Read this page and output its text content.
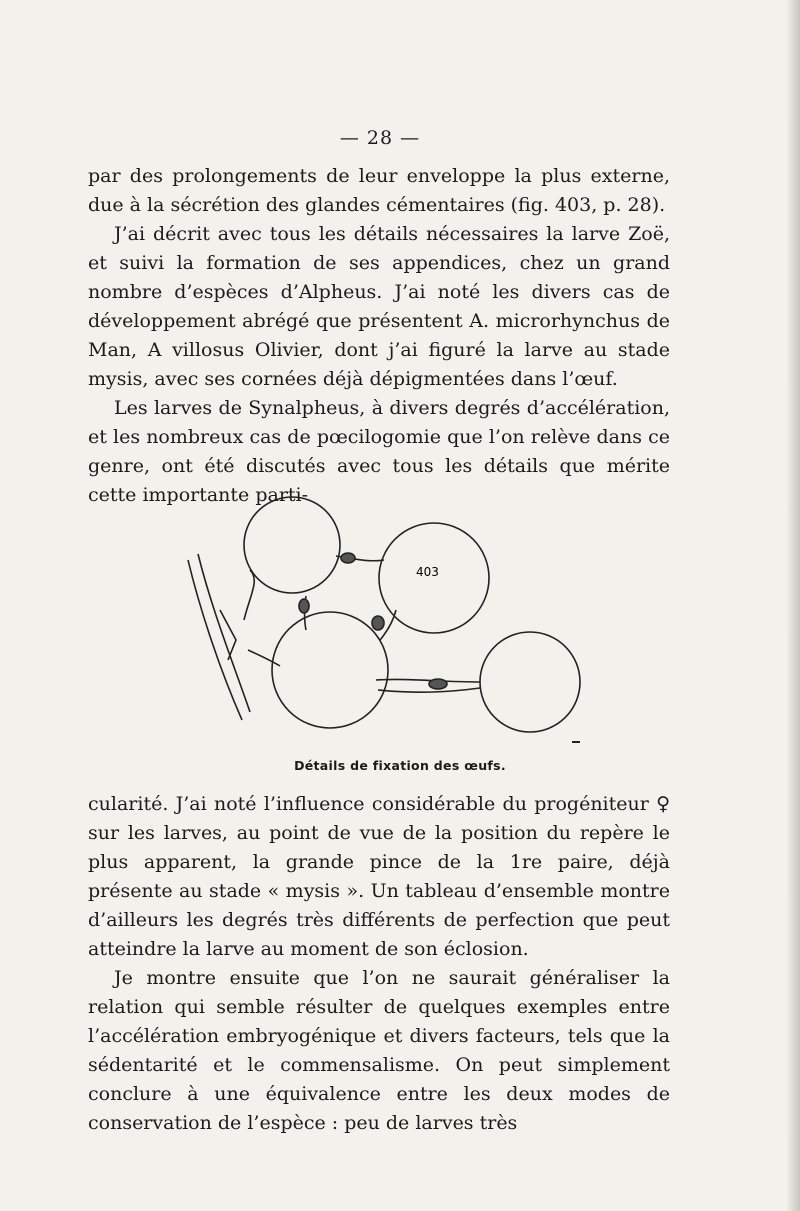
— 28 —

par des prolongements de leur enveloppe la plus externe, due à la sécrétion des glandes cémentaires (fig. 403, p. 28).

J’ai décrit avec tous les détails nécessaires la larve Zoë, et suivi la formation de ses appendices, chez un grand nombre d’espèces d’Alpheus. J’ai noté les divers cas de développement abrégé que présentent A. microrhynchus de Man, A villosus Olivier, dont j’ai figuré la larve au stade mysis, avec ses cornées déjà dépigmentées dans l’œuf.

Les larves de Synalpheus, à divers degrés d’accélération, et les nombreux cas de pœcilogomie que l’on relève dans ce genre, ont été discutés avec tous les détails que mérite cette importante parti-

403
Détails de fixation des œufs.

cularité. J’ai noté l’influence considérable du progéniteur ♀ sur les larves, au point de vue de la position du repère le plus apparent, la grande pince de la 1re paire, déjà présente au stade « mysis ». Un tableau d’ensemble montre d’ailleurs les degrés très différents de perfection que peut atteindre la larve au moment de son éclosion.

Je montre ensuite que l’on ne saurait généraliser la relation qui semble résulter de quelques exemples entre l’accélération embryogénique et divers facteurs, tels que la sédentarité et le commensalisme. On peut simplement conclure à une équivalence entre les deux modes de conservation de l’espèce : peu de larves très
